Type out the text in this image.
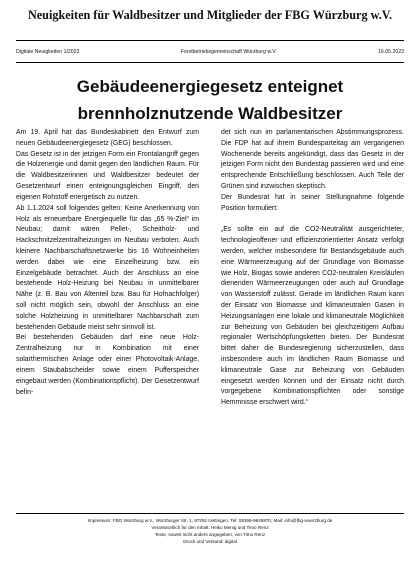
Neuigkeiten für Waldbesitzer und Mitglieder der FBG Würzburg w.V.
Digitale Neuigkeiten 1/2023	Forstbetriebsgemeinschaft Würzburg w.V.	16.05.2023
Gebäudeenergiegesetz enteignet
brennholznutzende Waldbesitzer

Am 19. April hat das Bundeskabinett den Entwurf zum neuen Gebäudeenergiegesetz (GEG) beschlossen.

Das Gesetz ist in der jetzigen Form ein Frontalangriff gegen die Holzenergie und damit gegen den ländlichen Raum. Für die Waldbesitzerinnen und Waldbesitzer bedeutet der Gesetzentwurf einen enteignungsgleichen Eingriff, den eigenen Rohstoff energetisch zu nutzen.

Ab 1.1.2024 soll folgendes gelten: Keine Anerkennung von Holz als erneuerbare Energiequelle für das „65 %-Ziel“ im Neubau; damit wären Pellet-, Scheitholz- und Hackschnitzelzentralheizungen im Neubau verboten. Auch kleinere Nachbarschaftsnetzwerke bis 16 Wohneinheiten werden dabei wie eine Einzelheizung bzw. ein Einzelgebäude betrachtet. Auch der Anschluss an eine bestehende Holz-Heizung bei Neubau in unmittelbarer Nähe (z. B. Bau von Altenteil bzw. Bau für Hofnachfolger) soll nicht möglich sein, obwohl der Anschluss an eine solche Holzheizung in unmittelbarer Nachbarschaft zum bestehenden Gebäude meist sehr sinnvoll ist.

Bei bestehenden Gebäuden darf eine neue Holz-Zentralheizung nur in Kombination mit einer solarthermischen Anlage oder einer Photovoltaik-Anlage, einem Staubabscheider sowie einem Pufferspeicher eingebaut werden (Kombinationspflicht). Der Gesetzentwurf befin-

det sich nun im parlamentarischen Abstimmungsprozess. Die FDP hat auf ihrem Bundesparteitag am vergangenen Wochenende bereits angekündigt, dass das Gesetz in der jetzigen Form nicht den Bundestag passieren wird und eine entsprechende Entschließung beschlossen. Auch Teile der Grünen sind inzwischen skeptisch.

Der Bundesrat hat in seiner Stellungnahme folgende Position formuliert:

„Es sollte ein auf die CO2-Neutralität ausgerichteter, technologieoffener und effizienzorientierter Ansatz verfolgt werden, welcher insbesondere für Bestandsgebäude auch eine Wärmeerzeugung auf der Grundlage von Biomasse wie Holz, Biogas sowie anderen CO2-neutralen Kreisläufen dienenden Wärmeerzeugungen oder auch auf Grundlage von Wasserstoff zulässt. Gerade im ländlichen Raum kann der Einsatz von Biomasse und klimaneutralen Gasen in Heizungsanlagen eine lokale und klimaneutrale Möglichkeit zur Beheizung von Gebäuden bei gleichzeitigem Aufbau regionaler Wertschöpfungsketten bieten. Der Bundesrat bittet daher die Bundesregierung sicherzustellen, dass insbesondere auch im ländlichen Raum Biomasse und klimaneutrale Gase zur Beheizung von Gebäuden eingesetzt werden können und der Einsatz nicht durch vorgegebene Kombinationspflichten oder sonstige Hemmnisse erschwert wird.“

Impressum: FBG Würzburg w.V., Würzburger Str. 1, 97292 Uettingen, Tel: 09369-9849870, Mail: info@fbg-wuerzburg.de
Verantwortlich für den Inhalt: Heiko Menig und Timo Renz
Texte, soweit nicht anders angegeben, von Timo Renz
Druck und Versand: digital
